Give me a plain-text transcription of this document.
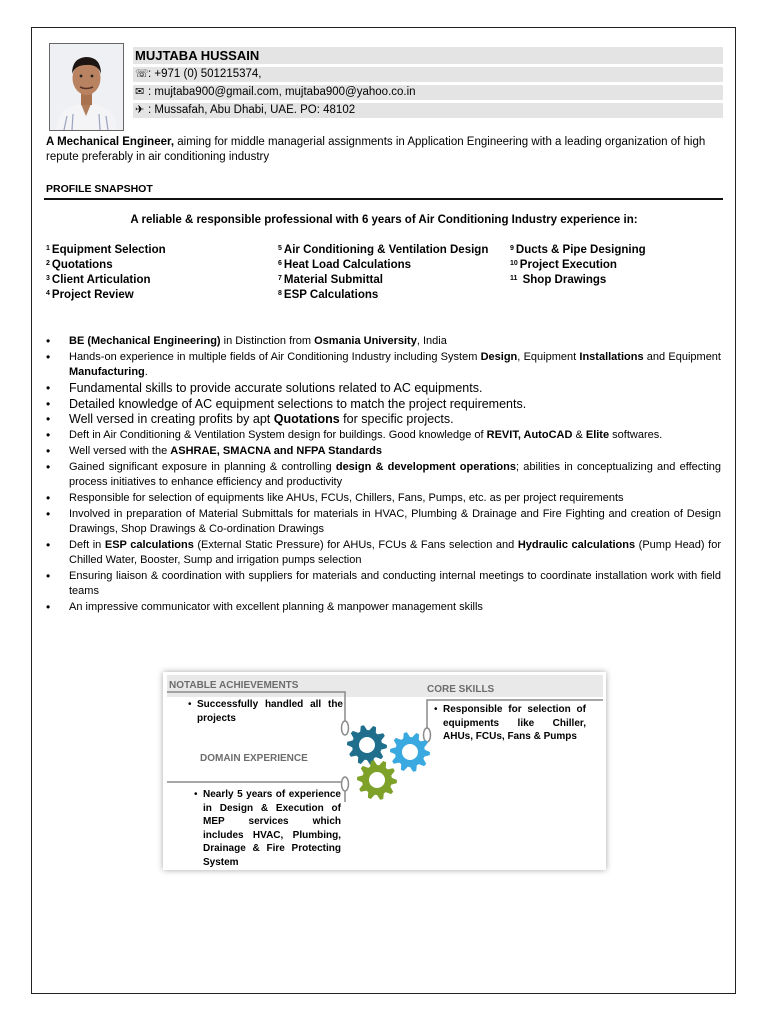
MUJTABA HUSSAIN
☏: +971 (0) 501215374,
✉ : mujtaba900@gmail.com, mujtaba900@yahoo.co.in
✈ : Mussafah, Abu Dhabi, UAE. PO: 48102
A Mechanical Engineer, aiming for middle managerial assignments in Application Engineering with a leading organization of high repute preferably in air conditioning industry
PROFILE SNAPSHOT
A reliable & responsible professional with 6 years of Air Conditioning Industry experience in:
$^1$ Equipment Selection
$^2$ Quotations
$^3$ Client Articulation
$^4$ Project Review
$^5$ Air Conditioning & Ventilation Design
$^6$ Heat Load Calculations
$^7$ Material Submittal
$^8$ ESP Calculations
$^9$ Ducts & Pipe Designing
$^{10}$ Project Execution
$^{11}$ Shop Drawings
• BE (Mechanical Engineering) in Distinction from Osmania University, India
• Hands-on experience in multiple fields of Air Conditioning Industry including System Design, Equipment Installations and Equipment Manufacturing.
• Fundamental skills to provide accurate solutions related to AC equipments.
• Detailed knowledge of AC equipment selections to match the project requirements.
• Well versed in creating profits by apt Quotations for specific projects.
• Deft in Air Conditioning & Ventilation System design for buildings. Good knowledge of REVIT, AutoCAD & Elite softwares.
• Well versed with the ASHRAE, SMACNA and NFPA Standards
• Gained significant exposure in planning & controlling design & development operations; abilities in conceptualizing and effecting process initiatives to enhance efficiency and productivity
• Responsible for selection of equipments like AHUs, FCUs, Chillers, Fans, Pumps, etc. as per project requirements
• Involved in preparation of Material Submittals for materials in HVAC, Plumbing & Drainage and Fire Fighting and creation of Design Drawings, Shop Drawings & Co-ordination Drawings
• Deft in ESP calculations (External Static Pressure) for AHUs, FCUs & Fans selection and Hydraulic calculations (Pump Head) for Chilled Water, Booster, Sump and irrigation pumps selection
• Ensuring liaison & coordination with suppliers for materials and conducting internal meetings to coordinate installation work with field teams
• An impressive communicator with excellent planning & manpower management skills
NOTABLE ACHIEVEMENTS
• Successfully handled all the projects
DOMAIN EXPERIENCE
• Nearly 5 years of experience in Design & Execution of MEP services which includes HVAC, Plumbing, Drainage & Fire Protecting System
CORE SKILLS
• Responsible for selection of equipments like Chiller, AHUs, FCUs, Fans & Pumps
